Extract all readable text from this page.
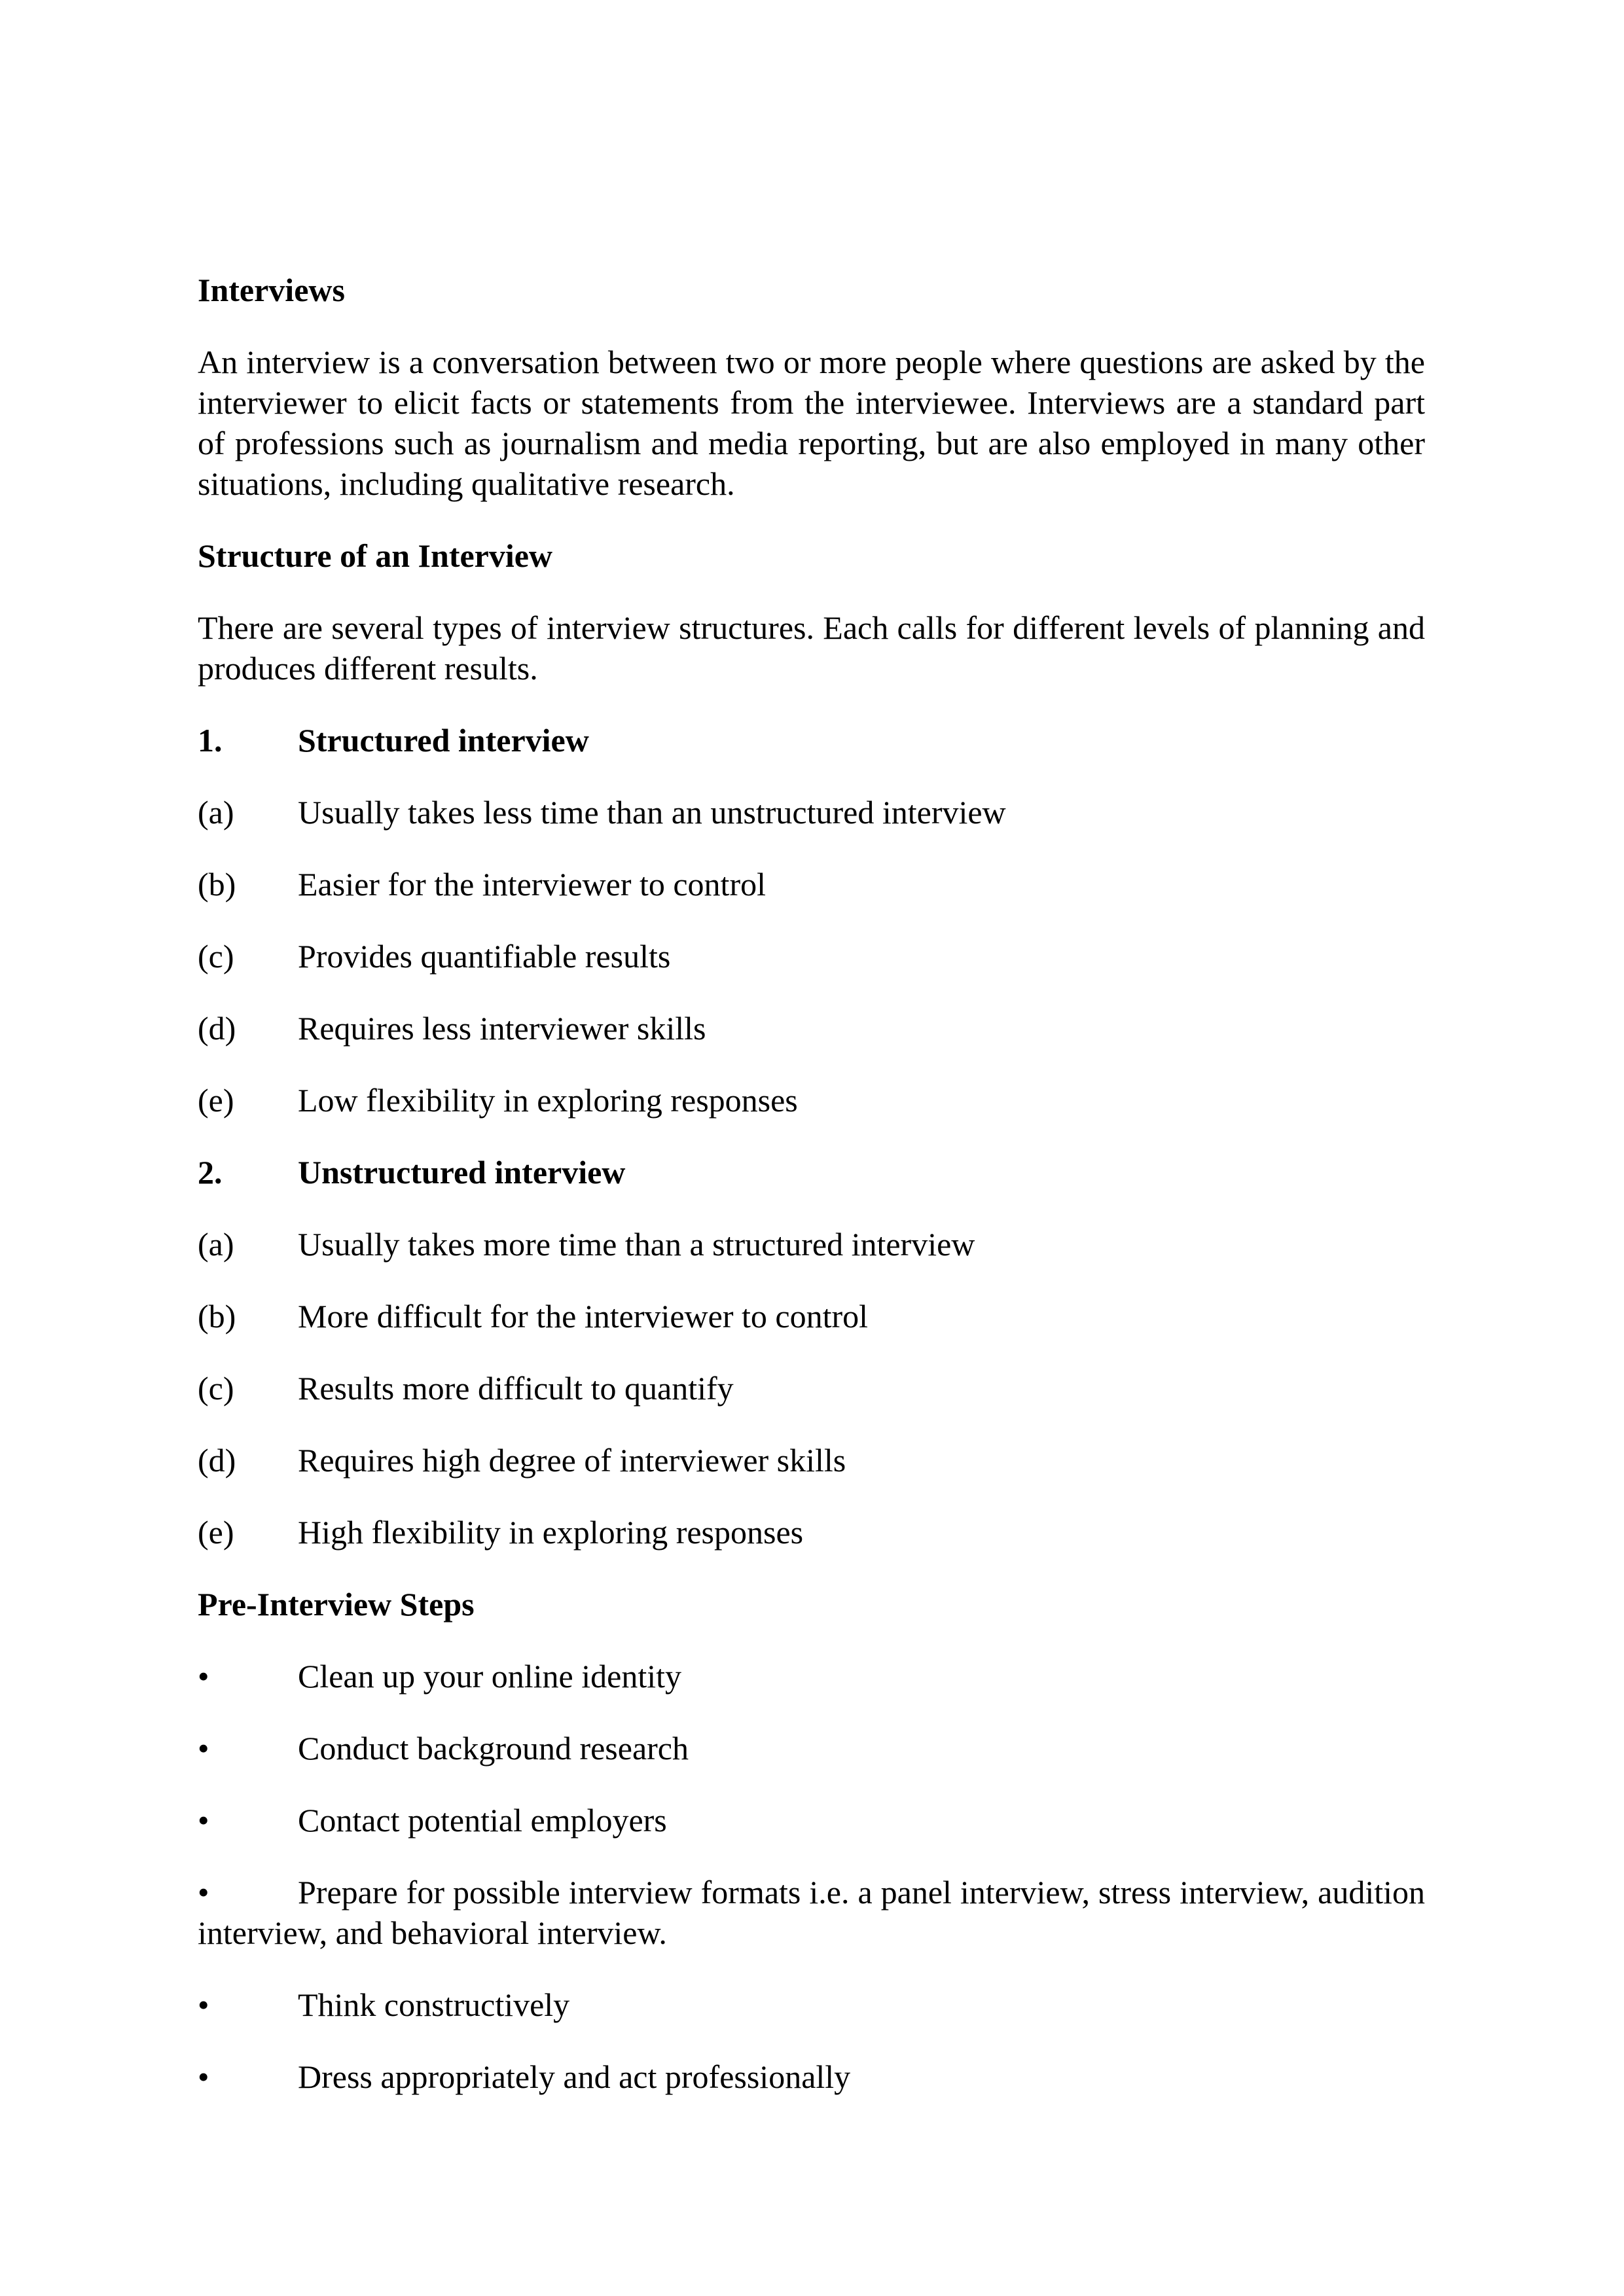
Interviews

An interview is a conversation between two or more people where questions are asked by the interviewer to elicit facts or statements from the interviewee. Interviews are a standard part of professions such as journalism and media reporting, but are also employed in many other situations, including qualitative research.

Structure of an Interview

There are several types of interview structures. Each calls for different levels of planning and produces different results.

1. Structured interview

(a) Usually takes less time than an unstructured interview

(b) Easier for the interviewer to control

(c) Provides quantifiable results

(d) Requires less interviewer skills

(e) Low flexibility in exploring responses

2. Unstructured interview

(a) Usually takes more time than a structured interview

(b) More difficult for the interviewer to control

(c) Results more difficult to quantify

(d) Requires high degree of interviewer skills

(e) High flexibility in exploring responses

Pre-Interview Steps

•	Clean up your online identity

•	Conduct background research

•	Contact potential employers

•	Prepare for possible interview formats i.e. a panel interview, stress interview, audition interview, and behavioral interview.

•	Think constructively

•	Dress appropriately and act professionally
